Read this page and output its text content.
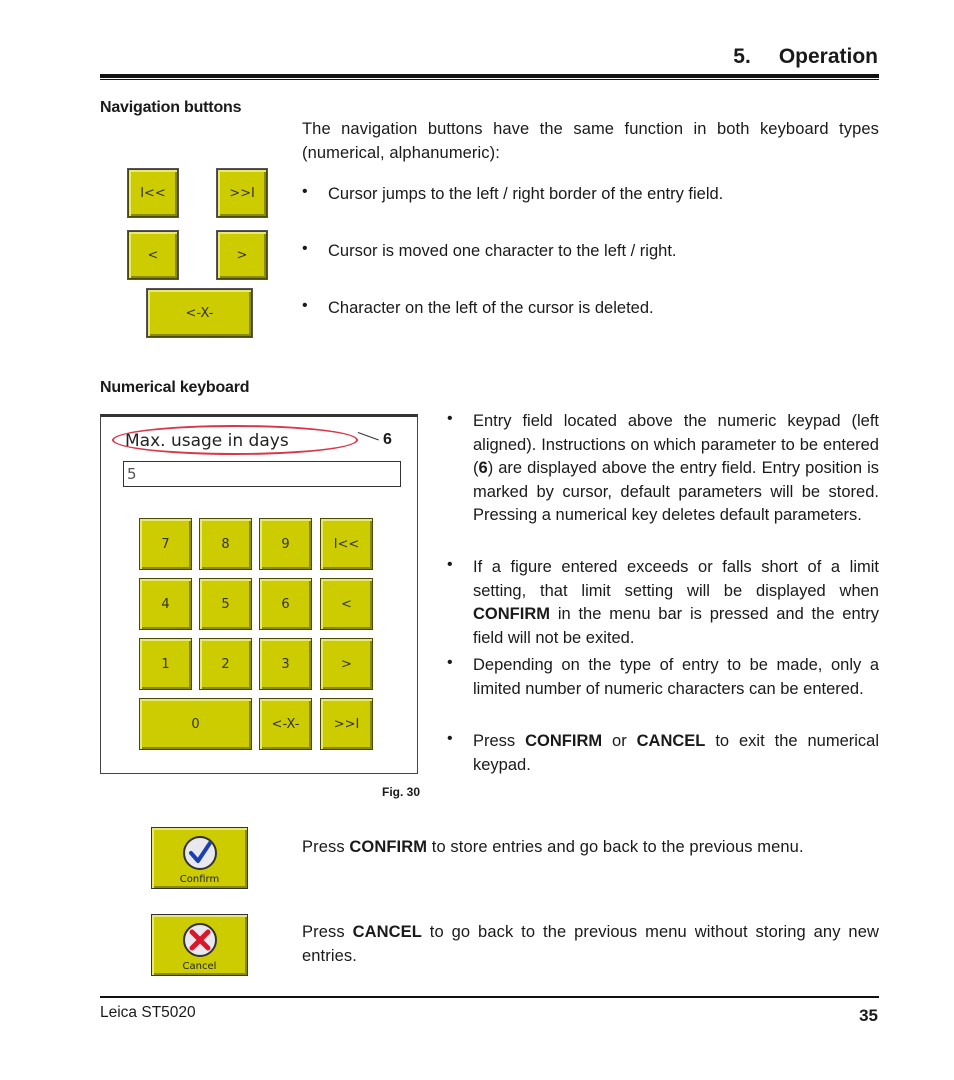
5. Operation
Navigation buttons
The navigation buttons have the same function in both keyboard types (numerical, alphanumeric):
I<<	>>I
<	>
<-X-
•	Cursor jumps to the left / right border of the entry field.
•	Cursor is moved one character to the left / right.
•	Character on the left of the cursor is deleted.
Numerical keyboard
Max. usage in days	6
5
7	8	9	I<<
4	5	6	<
1	2	3	>
0	<-X-	>>I
Fig. 30
•	Entry field located above the numeric keypad (left aligned). Instructions on which parameter to be entered (6) are displayed above the entry field. Entry position is marked by cursor, default parameters will be stored. Pressing a numerical key deletes default parameters.
•	If a figure entered exceeds or falls short of a limit setting, that limit setting will be displayed when CONFIRM in the menu bar is pressed and the entry field will not be exited.
•	Depending on the type of entry to be made, only a limited number of numeric characters can be entered.
•	Press CONFIRM or CANCEL to exit the numerical keypad.
Confirm
Press CONFIRM to store entries and go back to the previous menu.
Cancel
Press CANCEL to go back to the previous menu without storing any new entries.
Leica ST5020	35
